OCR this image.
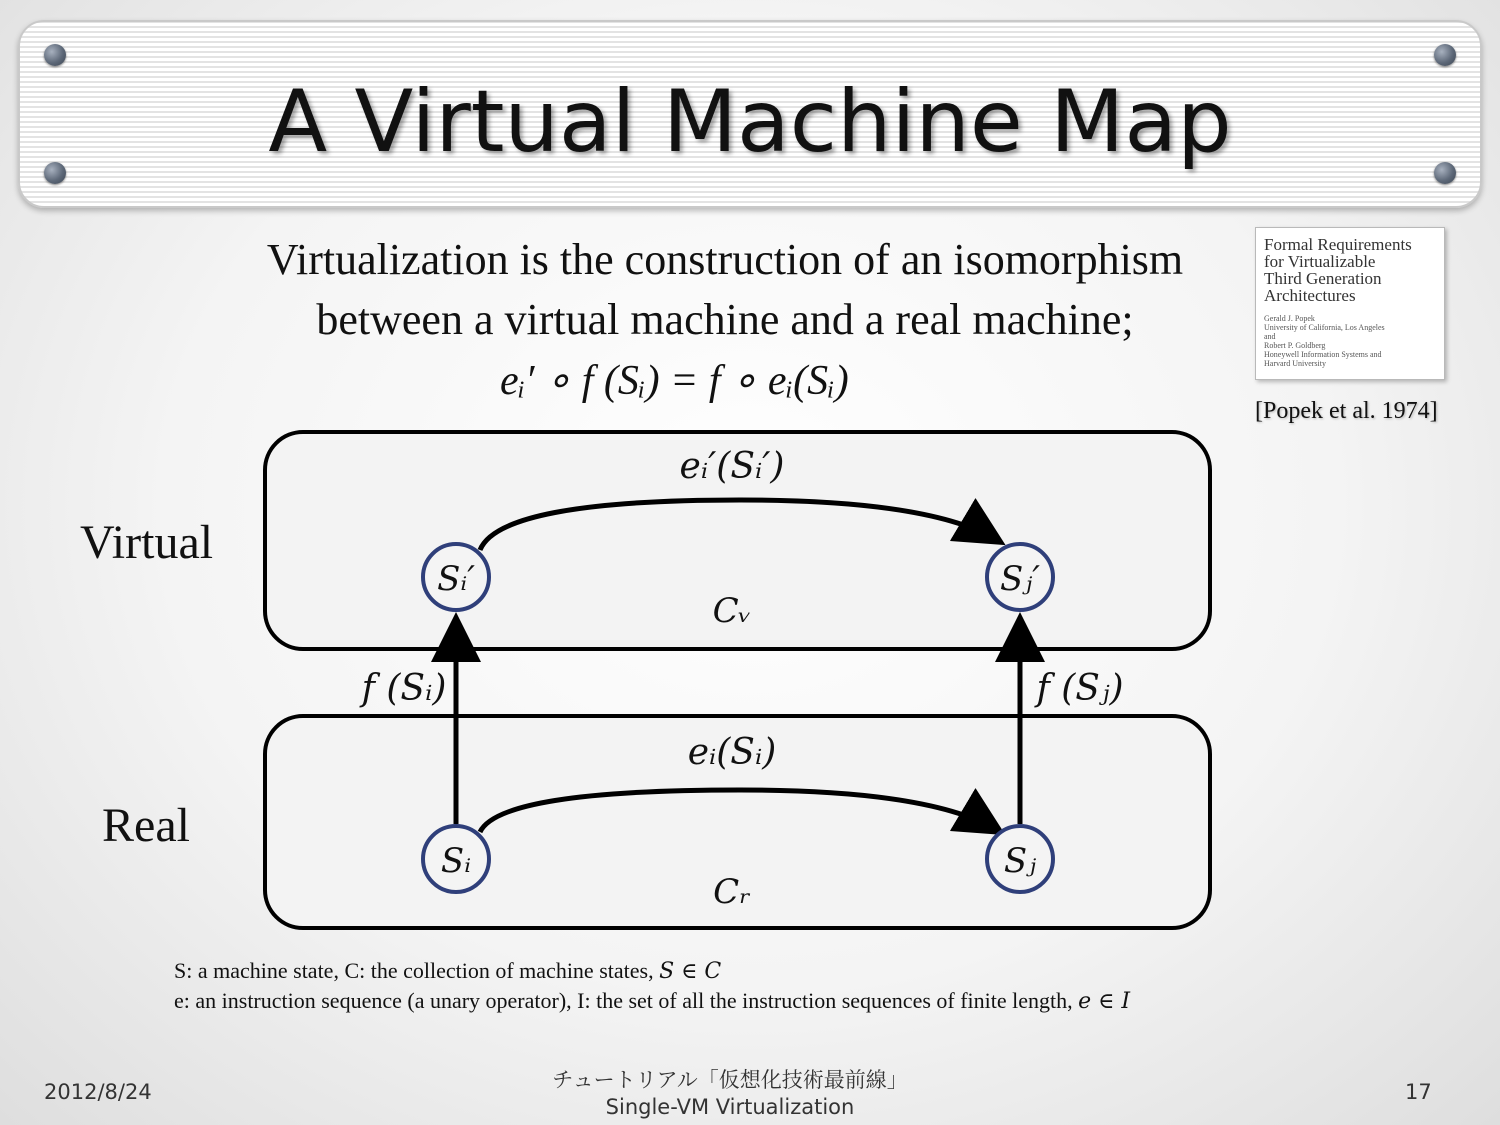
A Virtual Machine Map
Virtualization is the construction of an isomorphism
between a virtual machine and a real machine;
eᵢ′ ∘ f (Sᵢ) = f ∘ eᵢ(Sᵢ)
Formal Requirements
for Virtualizable
Third Generation
Architectures
Gerald J. Popek
University of California, Los Angeles
and
Robert P. Goldberg
Honeywell Information Systems and
Harvard University
[Popek et al. 1974]
Virtual
Real
Sᵢ′	Sⱼ′
Sᵢ	Sⱼ
eᵢ′(Sᵢ′)
eᵢ(Sᵢ)
Cᵥ
Cᵣ
f (Sᵢ)	f (Sⱼ)
S: a machine state, C: the collection of machine states, S ∈ C
e: an instruction sequence (a unary operator), I: the set of all the instruction sequences of finite length, e ∈ I
2012/8/24	チュートリアル「仮想化技術最前線」
Single-VM Virtualization
17
